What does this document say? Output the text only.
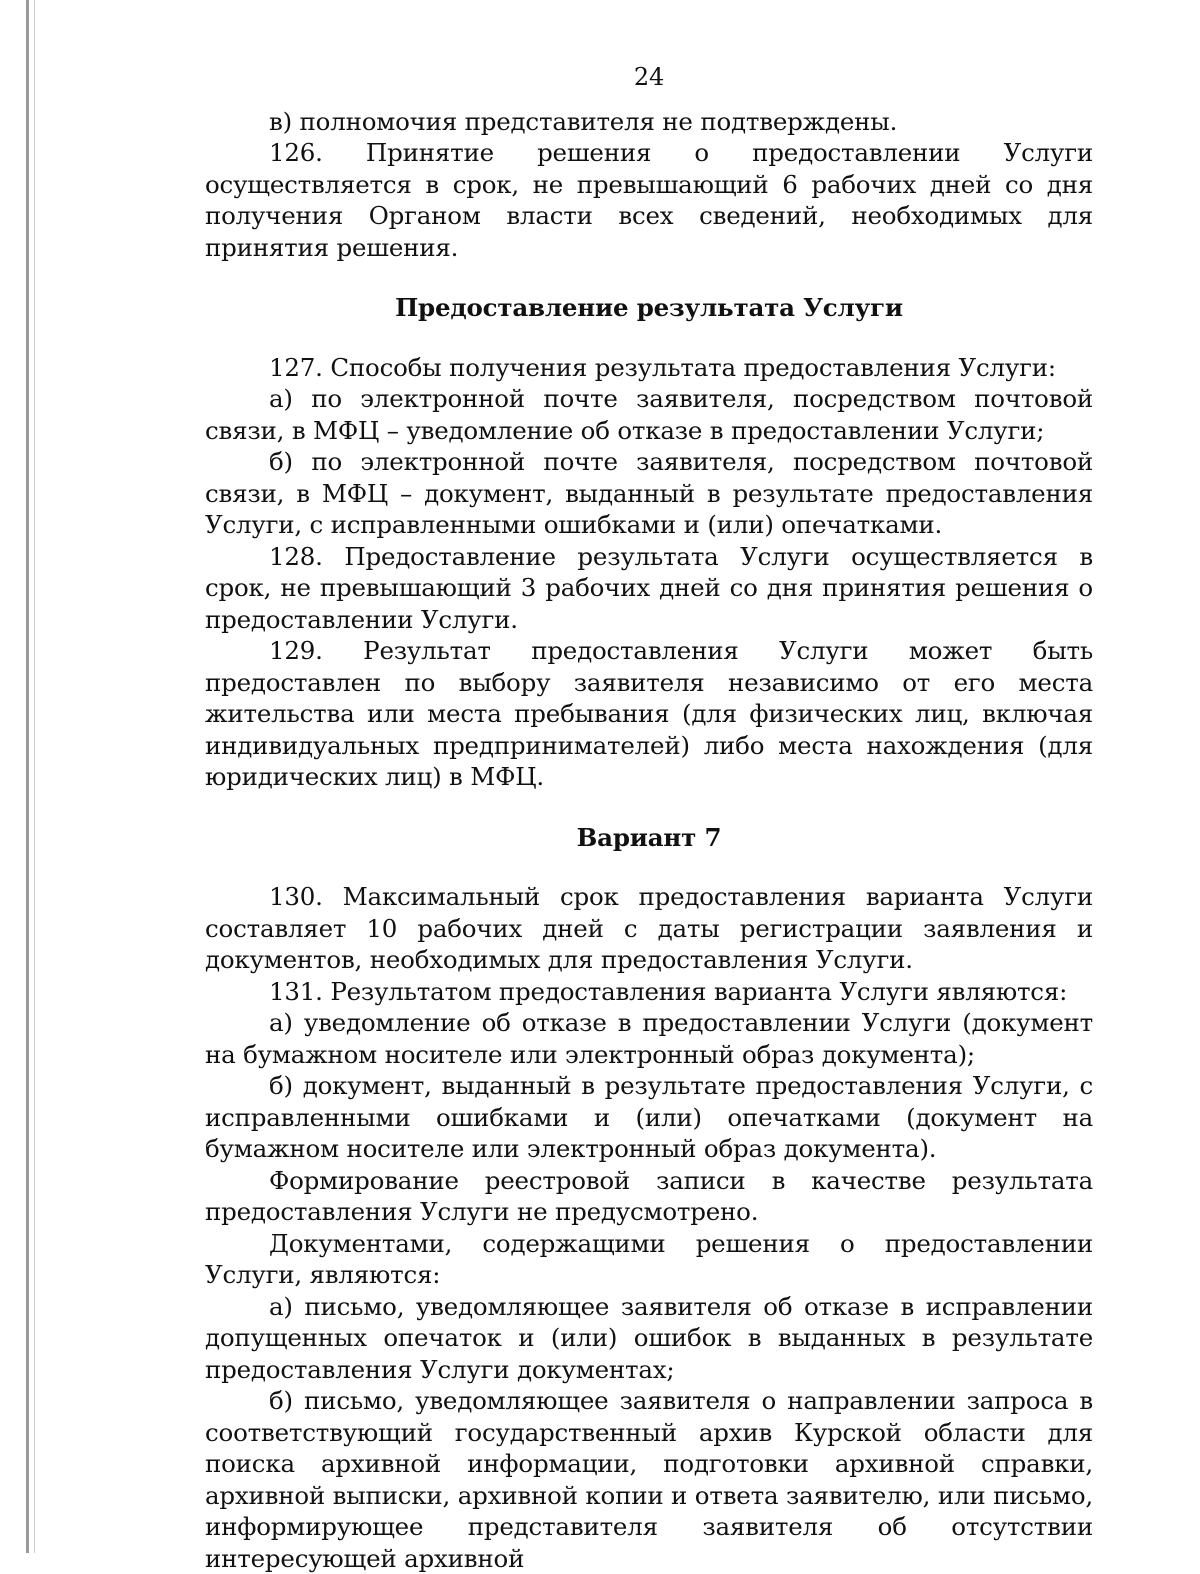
24

в) полномочия представителя не подтверждены.

126. Принятие решения о предоставлении Услуги осуществляется в срок, не превышающий 6 рабочих дней со дня получения Органом власти всех сведений, необходимых для принятия решения.

Предоставление результата Услуги

127. Способы получения результата предоставления Услуги:

а) по электронной почте заявителя, посредством почтовой связи, в МФЦ – уведомление об отказе в предоставлении Услуги;

б) по электронной почте заявителя, посредством почтовой связи, в МФЦ – документ, выданный в результате предоставления Услуги, с исправленными ошибками и (или) опечатками.

128. Предоставление результата Услуги осуществляется в срок, не превышающий 3 рабочих дней со дня принятия решения о предоставлении Услуги.

129. Результат предоставления Услуги может быть предоставлен по выбору заявителя независимо от его места жительства или места пребывания (для физических лиц, включая индивидуальных предпринимателей) либо места нахождения (для юридических лиц) в МФЦ.

Вариант 7

130. Максимальный срок предоставления варианта Услуги составляет 10 рабочих дней с даты регистрации заявления и документов, необходимых для предоставления Услуги.

131. Результатом предоставления варианта Услуги являются:

а) уведомление об отказе в предоставлении Услуги (документ на бумажном носителе или электронный образ документа);

б) документ, выданный в результате предоставления Услуги, с исправленными ошибками и (или) опечатками (документ на бумажном носителе или электронный образ документа).

Формирование реестровой записи в качестве результата предоставления Услуги не предусмотрено.

Документами, содержащими решения о предоставлении Услуги, являются:

а) письмо, уведомляющее заявителя об отказе в исправлении допущенных опечаток и (или) ошибок в выданных в результате предоставления Услуги документах;

б) письмо, уведомляющее заявителя о направлении запроса в соответствующий государственный архив Курской области для поиска архивной информации, подготовки архивной справки, архивной выписки, архивной копии и ответа заявителю, или письмо, информирующее представителя заявителя об отсутствии интересующей архивной
